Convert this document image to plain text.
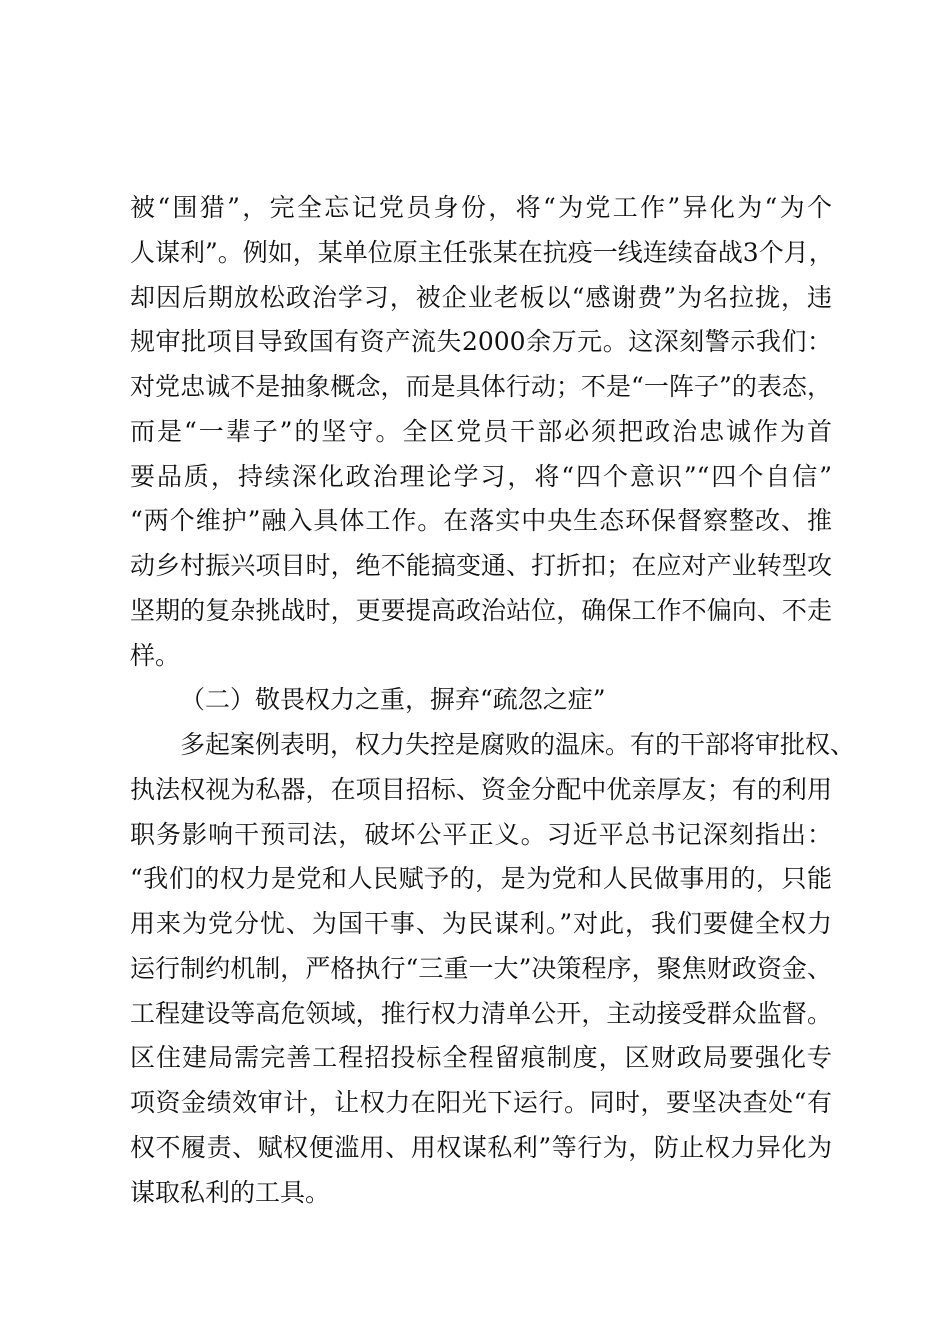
被“围猎”，完全忘记党员身份，将“为党工作”异化为“为个
人谋利”。例如，某单位原主任张某在抗疫一线连续奋战3个月，
却因后期放松政治学习，被企业老板以“感谢费”为名拉拢，违
规审批项目导致国有资产流失2000余万元。这深刻警示我们：
对党忠诚不是抽象概念，而是具体行动；不是“一阵子”的表态，
而是“一辈子”的坚守。全区党员干部必须把政治忠诚作为首
要品质，持续深化政治理论学习，将“四个意识”“四个自信”
“两个维护”融入具体工作。在落实中央生态环保督察整改、推
动乡村振兴项目时，绝不能搞变通、打折扣；在应对产业转型攻
坚期的复杂挑战时，更要提高政治站位，确保工作不偏向、不走
样。
（二）敬畏权力之重，摒弃“疏忽之症”
多起案例表明，权力失控是腐败的温床。有的干部将审批权、
执法权视为私器，在项目招标、资金分配中优亲厚友；有的利用
职务影响干预司法，破坏公平正义。习近平总书记深刻指出：
“我们的权力是党和人民赋予的，是为党和人民做事用的，只能
用来为党分忧、为国干事、为民谋利。”对此，我们要健全权力
运行制约机制，严格执行“三重一大”决策程序，聚焦财政资金、
工程建设等高危领域，推行权力清单公开，主动接受群众监督。
区住建局需完善工程招投标全程留痕制度，区财政局要强化专
项资金绩效审计，让权力在阳光下运行。同时，要坚决查处“有
权不履责、赋权便滥用、用权谋私利”等行为，防止权力异化为
谋取私利的工具。
